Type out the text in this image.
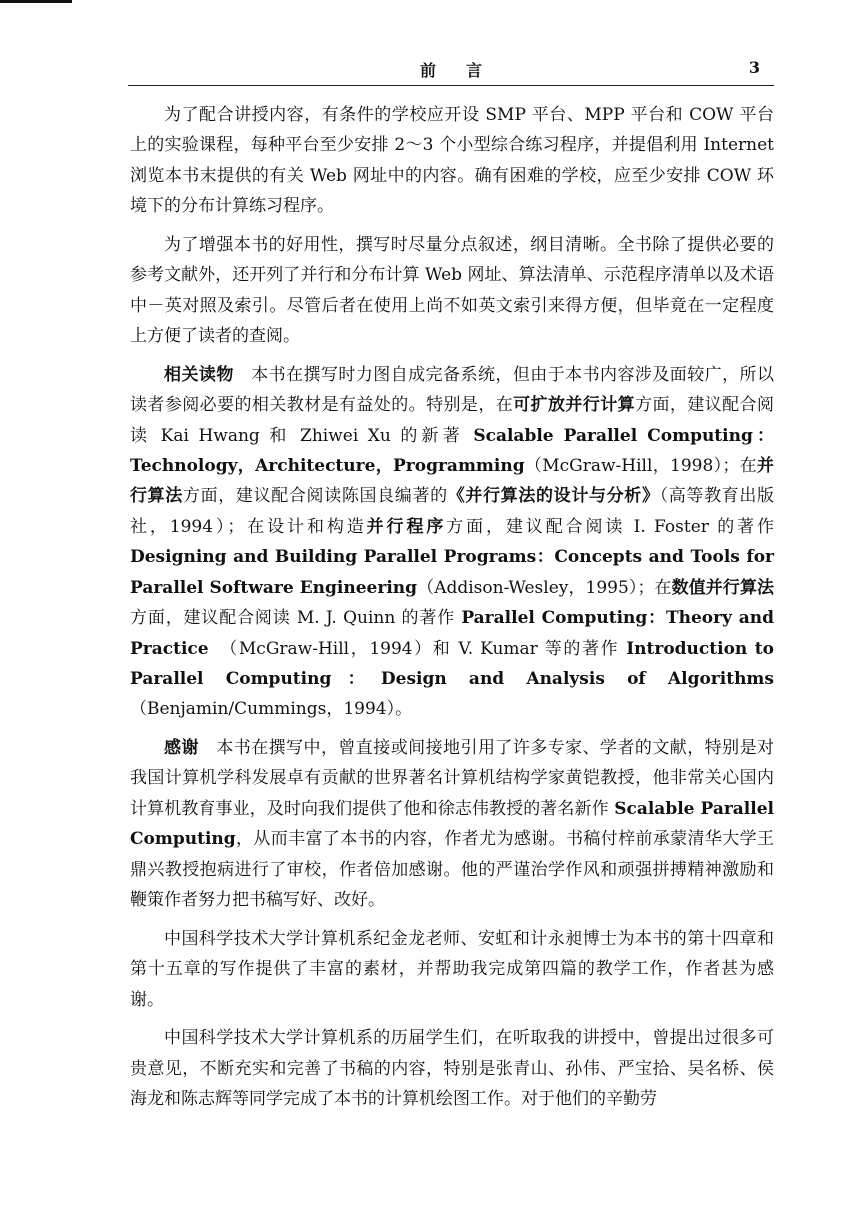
前言	3

为了配合讲授内容，有条件的学校应开设 SMP 平台、MPP 平台和 COW 平台上的实验课程，每种平台至少安排 2～3 个小型综合练习程序，并提倡利用 Internet 浏览本书末提供的有关 Web 网址中的内容。确有困难的学校，应至少安排 COW 环境下的分布计算练习程序。

为了增强本书的好用性，撰写时尽量分点叙述，纲目清晰。全书除了提供必要的参考文献外，还开列了并行和分布计算 Web 网址、算法清单、示范程序清单以及术语中－英对照及索引。尽管后者在使用上尚不如英文索引来得方便，但毕竟在一定程度上方便了读者的查阅。

相关读物　本书在撰写时力图自成完备系统，但由于本书内容涉及面较广，所以读者参阅必要的相关教材是有益处的。特别是，在可扩放并行计算方面，建议配合阅读 Kai Hwang 和 Zhiwei Xu 的新著 Scalable Parallel Computing：Technology，Architecture，Programming（McGraw-Hill，1998）；在并行算法方面，建议配合阅读陈国良编著的《并行算法的设计与分析》（高等教育出版社，1994）；在设计和构造并行程序方面，建议配合阅读 I. Foster 的著作 Designing and Building Parallel Programs：Concepts and Tools for Parallel Software Engineering（Addison-Wesley，1995）；在数值并行算法方面，建议配合阅读 M. J. Quinn 的著作 Parallel Computing：Theory and Practice　（McGraw-Hill，1994）和 V. Kumar 等的著作 Introduction to Parallel Computing：Design and Analysis of Algorithms（Benjamin/Cummings，1994）。

感谢　本书在撰写中，曾直接或间接地引用了许多专家、学者的文献，特别是对我国计算机学科发展卓有贡献的世界著名计算机结构学家黄铠教授，他非常关心国内计算机教育事业，及时向我们提供了他和徐志伟教授的著名新作 Scalable Parallel Computing，从而丰富了本书的内容，作者尤为感谢。书稿付梓前承蒙清华大学王鼎兴教授抱病进行了审校，作者倍加感谢。他的严谨治学作风和顽强拼搏精神激励和鞭策作者努力把书稿写好、改好。

中国科学技术大学计算机系纪金龙老师、安虹和计永昶博士为本书的第十四章和第十五章的写作提供了丰富的素材，并帮助我完成第四篇的教学工作，作者甚为感谢。

中国科学技术大学计算机系的历届学生们，在听取我的讲授中，曾提出过很多可贵意见，不断充实和完善了书稿的内容，特别是张青山、孙伟、严宝拾、吴名桥、侯海龙和陈志辉等同学完成了本书的计算机绘图工作。对于他们的辛勤劳
